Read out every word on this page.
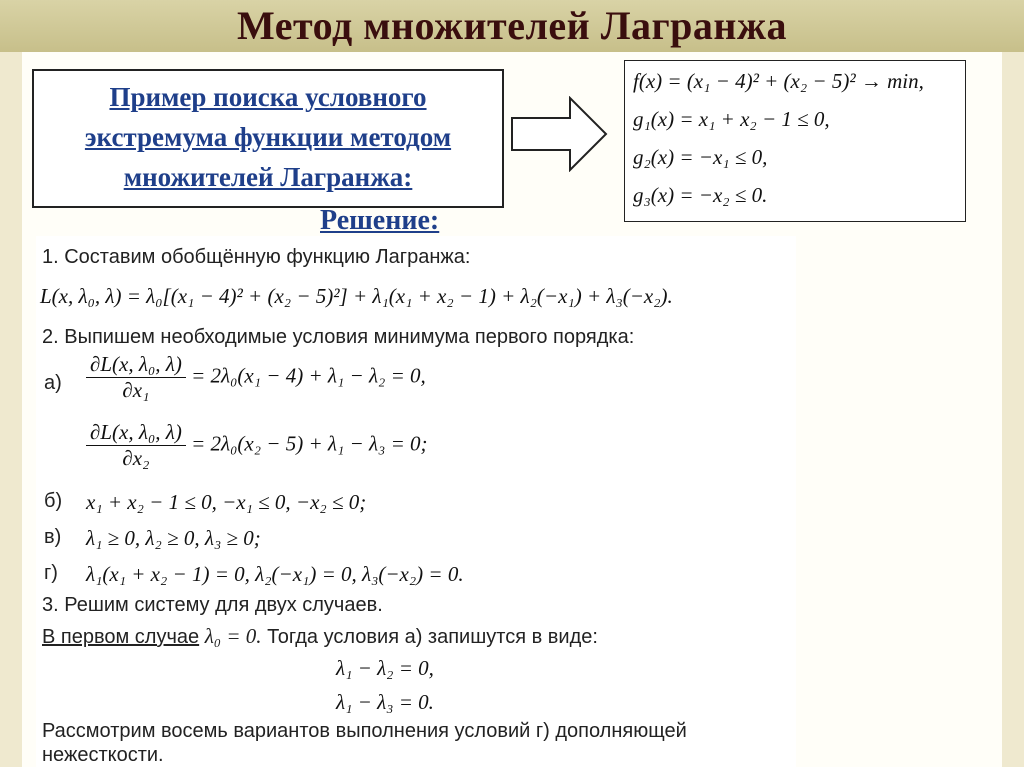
Метод множителей Лагранжа
Пример поиска условного
экстремума функции методом
множителей Лагранжа:
f(x) = (x₁ − 4)² + (x₂ − 5)² → min,
g₁(x) = x₁ + x₂ − 1 ≤ 0,
g₂(x) = −x₁ ≤ 0,
g₃(x) = −x₂ ≤ 0.
Решение:
1. Составим обобщённую функцию Лагранжа:
L(x, λ₀, λ) = λ₀[(x₁ − 4)² + (x₂ − 5)²] + λ₁(x₁ + x₂ − 1) + λ₂(−x₁) + λ₃(−x₂).
2. Выпишем необходимые условия минимума первого порядка:
$а) \frac{\text{∂L(x, λ₀, λ)}}{\text{∂x₁}} = 2\lambda_0(x_1 - 4) + \lambda_1 - \lambda_2 = 0$,
$\frac{\text{∂L(x, λ₀, λ)}}{\text{∂x₂}} = 2\lambda_0(x_2 - 5) + \lambda_1 - \lambda_3 = 0$;
б) x₁ + x₂ − 1 ≤ 0, −x₁ ≤ 0, −x₂ ≤ 0;
в) λ₁ ≥ 0, λ₂ ≥ 0, λ₃ ≥ 0;
г) λ₁(x₁ + x₂ − 1) = 0, λ₂(−x₁) = 0, λ₃(−x₂) = 0.
3. Решим систему для двух случаев.
В первом случае λ₀ = 0. Тогда условия а) запишутся в виде:
λ₁ − λ₂ = 0,
λ₁ − λ₃ = 0.
Рассмотрим восемь вариантов выполнения условий г) дополняющей
нежесткости.
